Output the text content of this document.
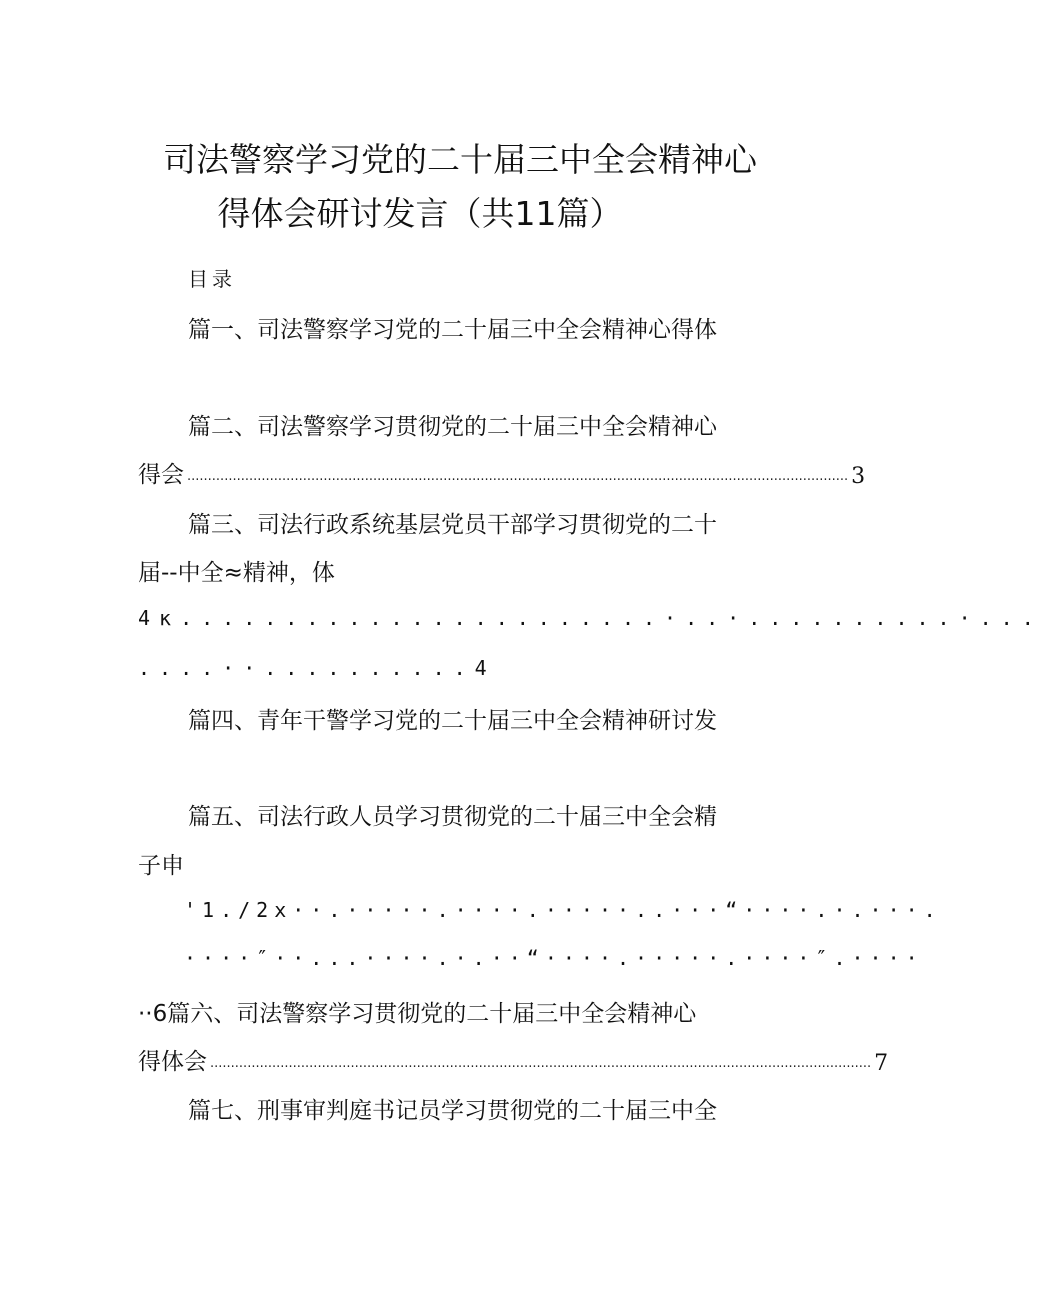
司法警察学习党的二十届三中全会精神心
得体会研讨发言（共11篇）
目录
篇一、司法警察学习党的二十届三中全会精神心得体
篇二、司法警察学习贯彻党的二十届三中全会精神心
得会 ................................................................................................................................................................ 3
篇三、司法行政系统基层党员干部学习贯彻党的二十
届--中全≈精神，体
4κ.......................·..·..........·...
....··..........4
篇四、青年干警学习党的二十届三中全会精神研讨发
篇五、司法行政人员学习贯彻党的二十届三中全会精
子申
'1./2x··.·····.····.·····..···“····.·.···.
····″··...····.·.··“····.·····.····″.····
··6篇六、司法警察学习贯彻党的二十届三中全会精神心
得体会 ................................................................................................................................................................ 7
篇七、刑事审判庭书记员学习贯彻党的二十届三中全
